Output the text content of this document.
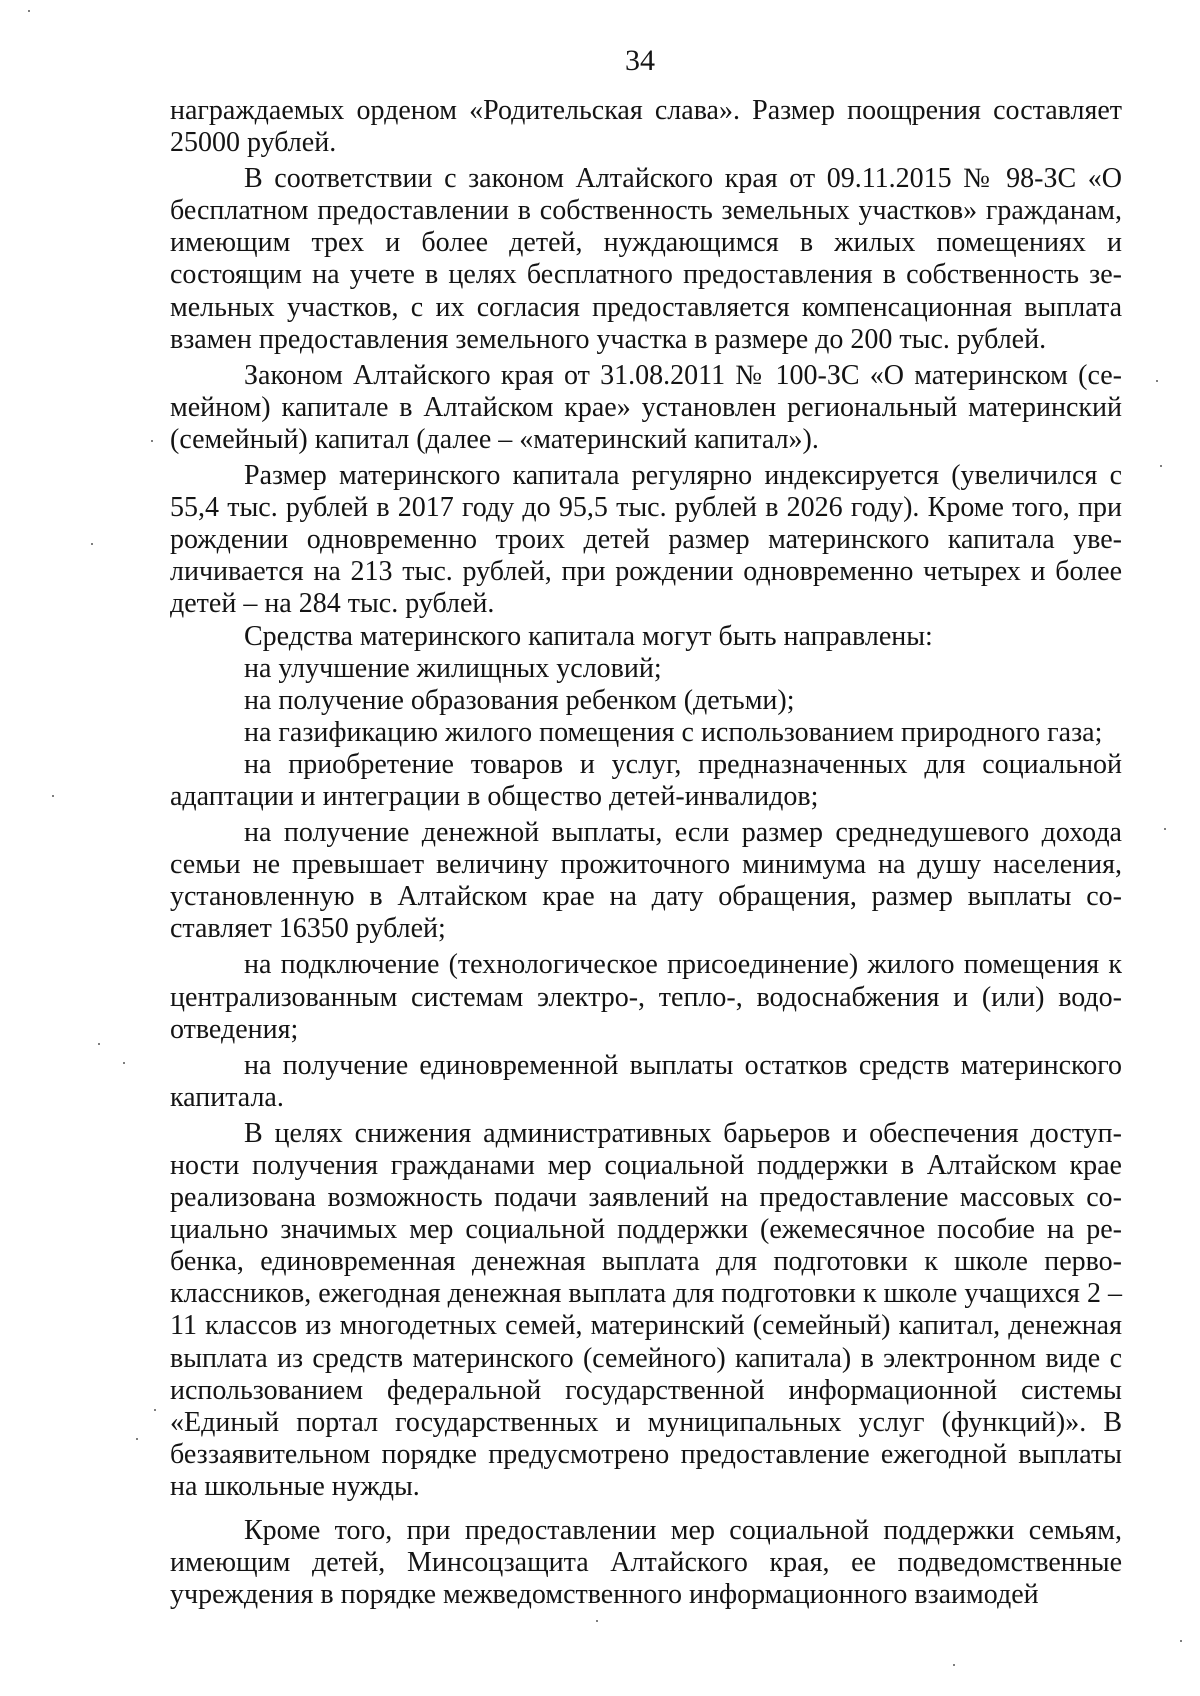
34

награждаемых орденом «Родительская слава». Размер поощрения составляет 25000 рублей.

В соответствии с законом Алтайского края от 09.11.2015 № 98-ЗС «О бесплатном предоставлении в собственность земельных участков» гражданам, имеющим трех и более детей, нуждающимся в жилых помещениях и состоящим на учете в целях бесплатного предоставления в собственность земельных участков, с их согласия предоставляется компенсационная выплата взамен предоставления земельного участка в размере до 200 тыс. рублей.

Законом Алтайского края от 31.08.2011 № 100-ЗС «О материнском (семейном) капитале в Алтайском крае» установлен региональный материнский (семейный) капитал (далее – «материнский капитал»).

Размер материнского капитала регулярно индексируется (увеличился с 55,4 тыс. рублей в 2017 году до 95,5 тыс. рублей в 2026 году). Кроме того, при рождении одновременно троих детей размер материнского капитала увеличивается на 213 тыс. рублей, при рождении одновременно четырех и более детей – на 284 тыс. рублей.

Средства материнского капитала могут быть направлены:

на улучшение жилищных условий;

на получение образования ребенком (детьми);

на газификацию жилого помещения с использованием природного газа;

на приобретение товаров и услуг, предназначенных для социальной адаптации и интеграции в общество детей-инвалидов;

на получение денежной выплаты, если размер среднедушевого дохода семьи не превышает величину прожиточного минимума на душу населения, установленную в Алтайском крае на дату обращения, размер выплаты составляет 16350 рублей;

на подключение (технологическое присоединение) жилого помещения к централизованным системам электро-, тепло-, водоснабжения и (или) водоотведения;

на получение единовременной выплаты остатков средств материнского капитала.

В целях снижения административных барьеров и обеспечения доступности получения гражданами мер социальной поддержки в Алтайском крае реализована возможность подачи заявлений на предоставление массовых социально значимых мер социальной поддержки (ежемесячное пособие на ребенка, единовременная денежная выплата для подготовки к школе первоклассников, ежегодная денежная выплата для подготовки к школе учащихся 2 – 11 классов из многодетных семей, материнский (семейный) капитал, денежная выплата из средств материнского (семейного) капитала) в электронном виде с использованием федеральной государственной информационной системы «Единый портал государственных и муниципальных услуг (функций)». В беззаявительном порядке предусмотрено предоставление ежегодной выплаты на школьные нужды.

Кроме того, при предоставлении мер социальной поддержки семьям, имеющим детей, Минсоцзащита Алтайского края, ее подведомственные учреждения в порядке межведомственного информационного взаимодей
